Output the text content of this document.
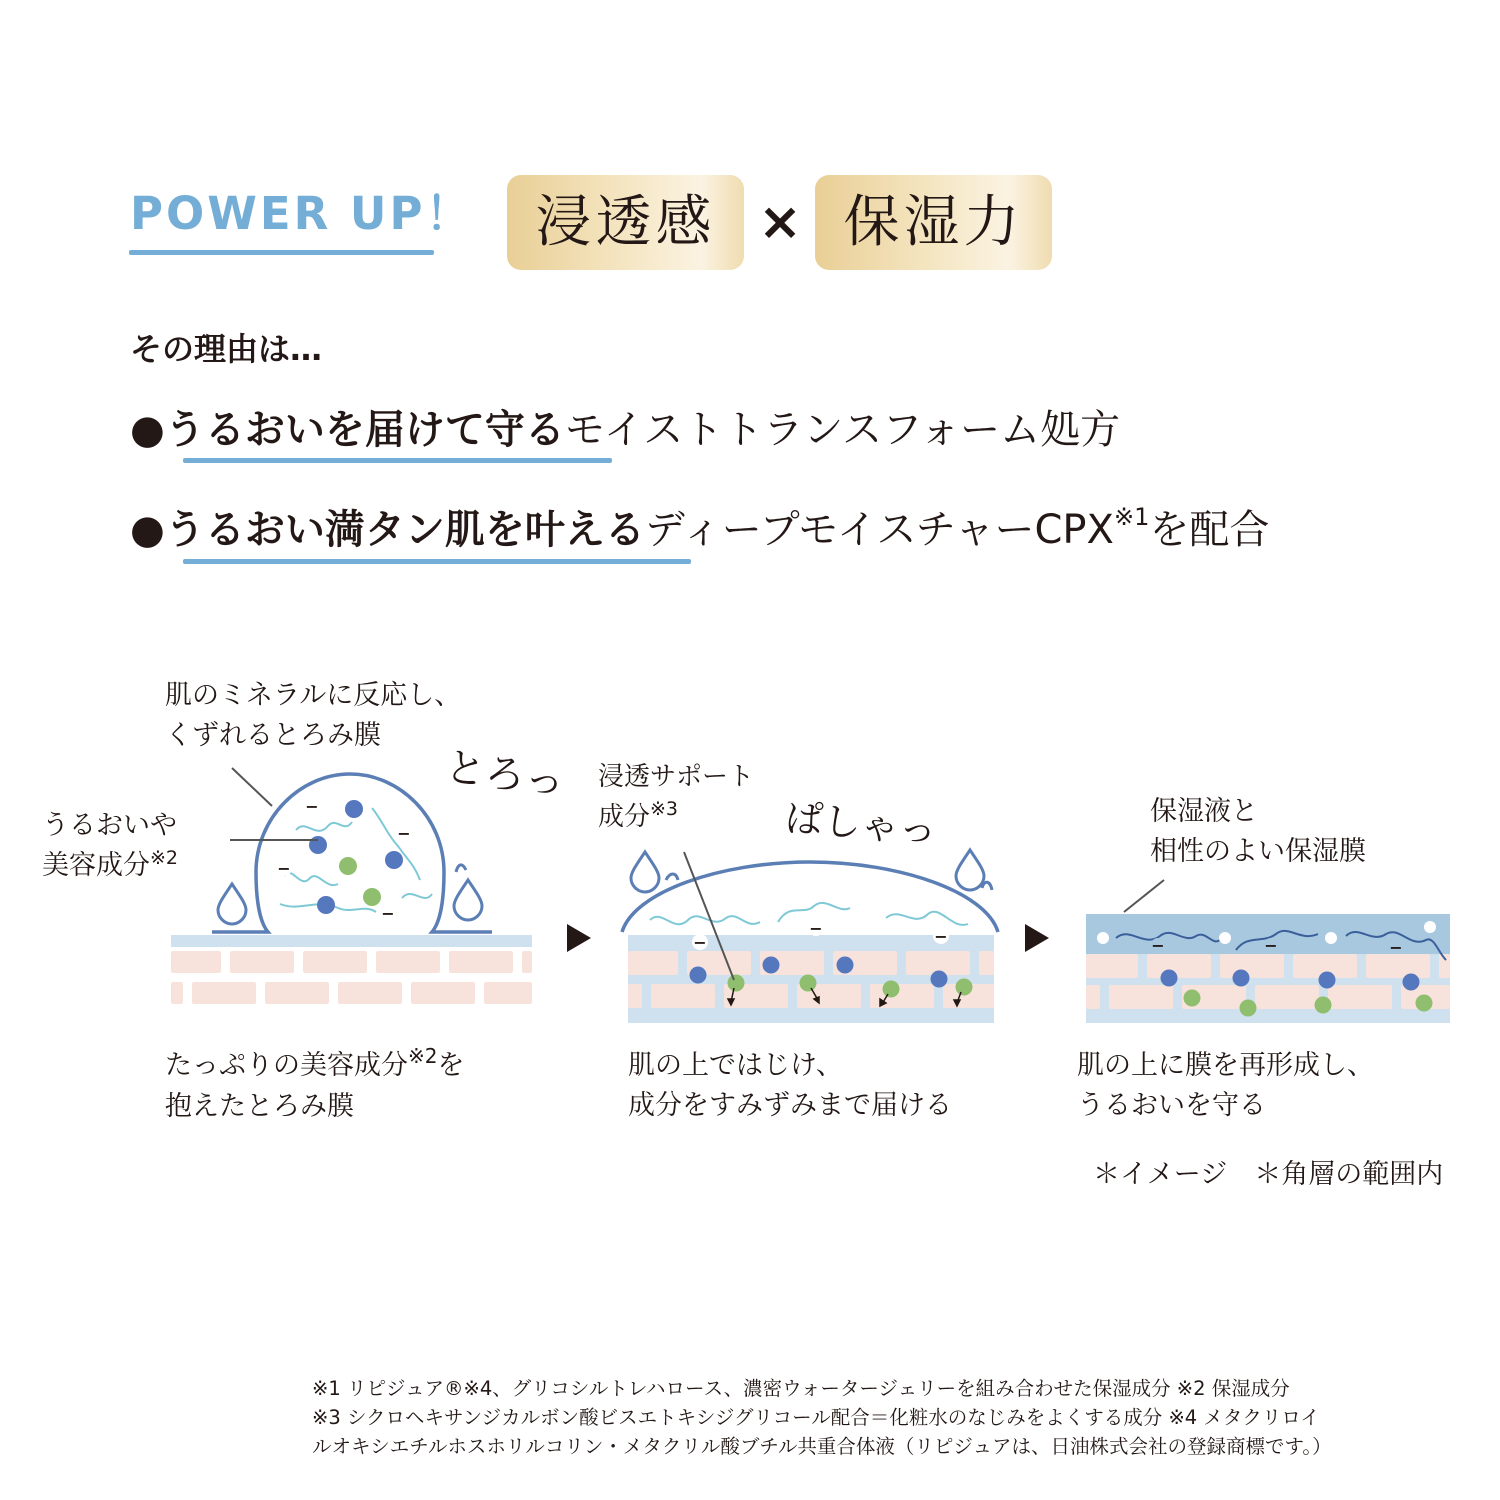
POWER UP！	浸透感 × 保湿力
その理由は…
●うるおいを届けて守るモイストトランスフォーム処方
●うるおい満タン肌を叶えるディープモイスチャーCPX$^{※1}$を配合
−
−
−
−
−
−	−	−	−	−
肌のミネラルに反応し、
くずれるとろみ膜
うるおいや
美容成分$^{※2}$
とろっ
たっぷりの美容成分$^{※2}$を
抱えたとろみ膜
浸透サポート
成分$^{※3}$	ぱしゃっ
肌の上ではじけ、
成分をすみずみまで届ける
保湿液と
相性のよい保湿膜
肌の上に膜を再形成し、
うるおいを守る
＊イメージ　＊角層の範囲内
※1 リピジュア®※4、グリコシルトレハロース、濃密ウォータージェリーを組み合わせた保湿成分 ※2 保湿成分
※3 シクロヘキサンジカルボン酸ビスエトキシジグリコール配合＝化粧水のなじみをよくする成分 ※4 メタクリロイ
ルオキシエチルホスホリルコリン・メタクリル酸ブチル共重合体液（リピジュアは、日油株式会社の登録商標です。）
